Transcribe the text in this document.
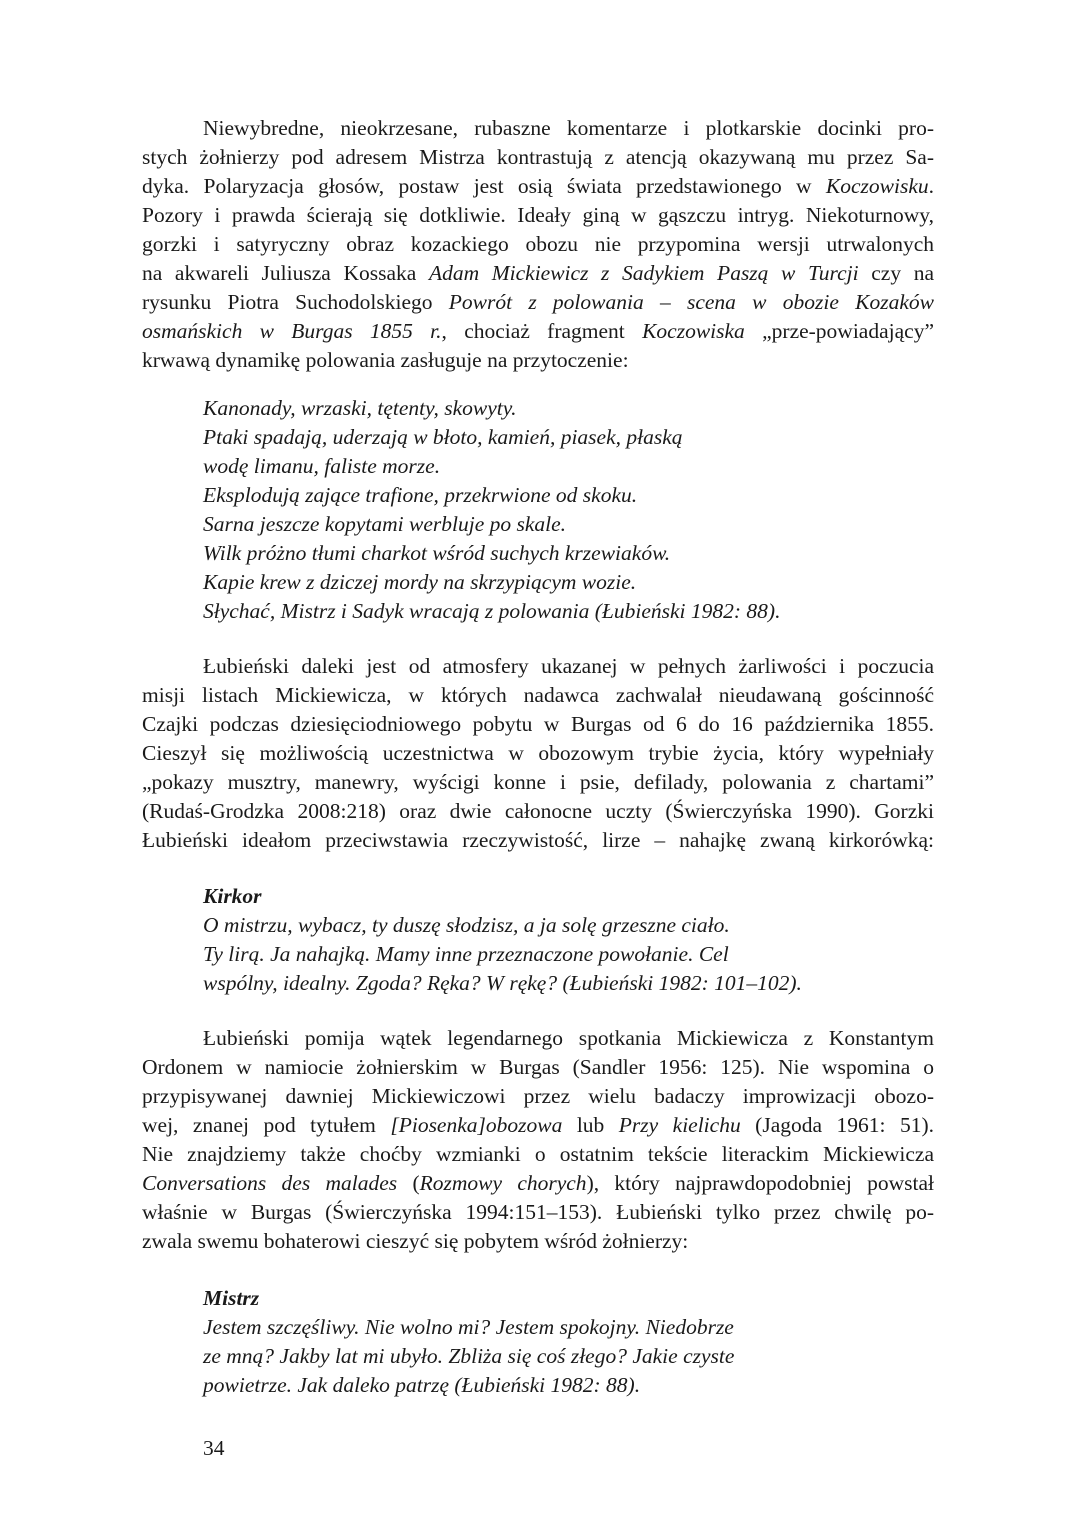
Niewybredne, nieokrzesane, rubaszne komentarze i plotkarskie docinki pro-
stych żołnierzy pod adresem Mistrza kontrastują z atencją okazywaną mu przez Sa-
dyka. Polaryzacja głosów, postaw jest osią świata przedstawionego w Koczowisku.
Pozory i prawda ścierają się dotkliwie. Ideały giną w gąszczu intryg. Niekoturnowy,
gorzki i satyryczny obraz kozackiego obozu nie przypomina wersji utrwalonych
na akwareli Juliusza Kossaka Adam Mickiewicz z Sadykiem Paszą w Turcji czy na
rysunku Piotra Suchodolskiego Powrót z polowania – scena w obozie Kozaków
osmańskich w Burgas 1855 r., chociaż fragment Koczowiska „prze-powiadający”
krwawą dynamikę polowania zasługuje na przytoczenie:
Kanonady, wrzaski, tętenty, skowyty.
Ptaki spadają, uderzają w błoto, kamień, piasek, płaską
wodę limanu, faliste morze.
Eksplodują zające trafione, przekrwione od skoku.
Sarna jeszcze kopytami werbluje po skale.
Wilk próżno tłumi charkot wśród suchych krzewiaków.
Kapie krew z dziczej mordy na skrzypiącym wozie.
Słychać, Mistrz i Sadyk wracają z polowania (Łubieński 1982: 88).
Łubieński daleki jest od atmosfery ukazanej w pełnych żarliwości i poczucia
misji listach Mickiewicza, w których nadawca zachwalał nieudawaną gościnność
Czajki podczas dziesięciodniowego pobytu w Burgas od 6 do 16 października 1855.
Cieszył się możliwością uczestnictwa w obozowym trybie życia, który wypełniały
„pokazy musztry, manewry, wyścigi konne i psie, defilady, polowania z chartami”
(Rudaś-Grodzka 2008:218) oraz dwie całonocne uczty (Świerczyńska 1990). Gorzki
Łubieński ideałom przeciwstawia rzeczywistość, lirze – nahajkę zwaną kirkorówką:
Kirkor
O mistrzu, wybacz, ty duszę słodzisz, a ja solę grzeszne ciało.
Ty lirą. Ja nahajką. Mamy inne przeznaczone powołanie. Cel
wspólny, idealny. Zgoda? Ręka? W rękę? (Łubieński 1982: 101–102).
Łubieński pomija wątek legendarnego spotkania Mickiewicza z Konstantym
Ordonem w namiocie żołnierskim w Burgas (Sandler 1956: 125). Nie wspomina o
przypisywanej dawniej Mickiewiczowi przez wielu badaczy improwizacji obozo-
wej, znanej pod tytułem [Piosenka]obozowa lub Przy kielichu (Jagoda 1961: 51).
Nie znajdziemy także choćby wzmianki o ostatnim tekście literackim Mickiewicza
Conversations des malades (Rozmowy chorych), który najprawdopodobniej powstał
właśnie w Burgas (Świerczyńska 1994:151–153). Łubieński tylko przez chwilę po-
zwala swemu bohaterowi cieszyć się pobytem wśród żołnierzy:
Mistrz
Jestem szczęśliwy. Nie wolno mi? Jestem spokojny. Niedobrze
ze mną? Jakby lat mi ubyło. Zbliża się coś złego? Jakie czyste
powietrze. Jak daleko patrzę (Łubieński 1982: 88).
34
